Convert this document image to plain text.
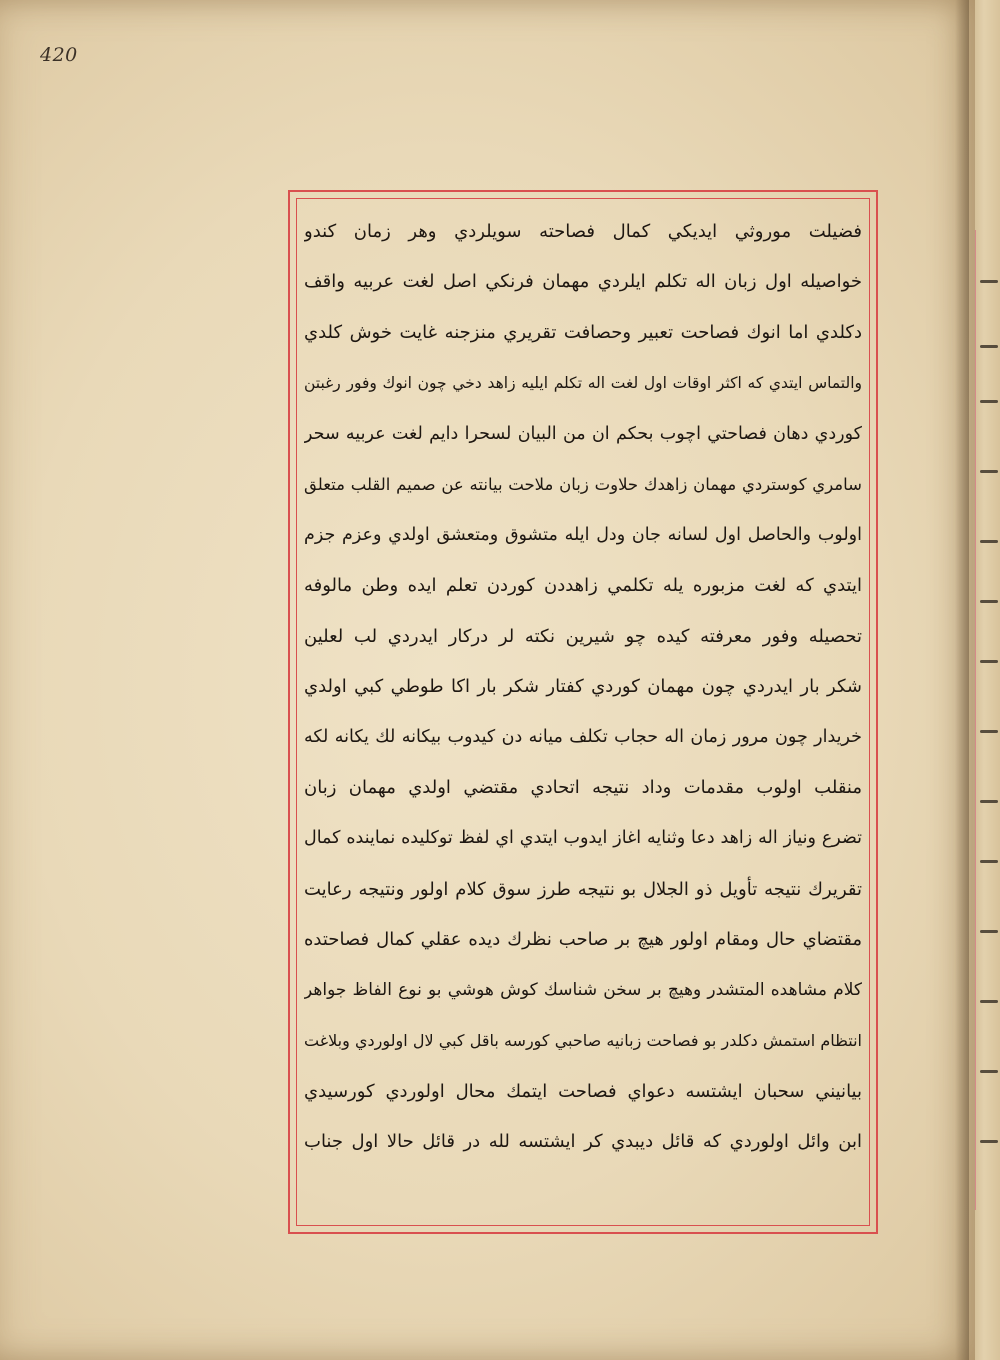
420
فضيلت موروثي ايديكي كمال فصاحته سويلردي وهر زمان كندو
خواصيله اول زبان اله تكلم ايلردي مهمان فرنكي اصل لغت عربيه واقف
دكلدي اما انوك فصاحت تعبير وحصافت تقريري منزجنه غايت خوش كلدي
والتماس ايتدي كه اكثر اوقات اول لغت اله تكلم ايليه زاهد دخي چون انوك وفور رغبتن
كوردي دهان فصاحتي اچوب بحكم ان من البيان لسحرا دايم لغت عربيه سحر
سامري كوستردي مهمان زاهدك حلاوت زبان ملاحت بيانته عن صميم القلب متعلق
اولوب والحاصل اول لسانه جان ودل ايله متشوق ومتعشق اولدي وعزم جزم
ايتدي كه لغت مزبوره يله تكلمي زاهددن كوردن تعلم ايده وطن مالوفه
تحصيله وفور معرفته كيده چو شيرين نكته لر دركار ايدردي لب لعلين
شكر بار ايدردي چون مهمان كوردي كفتار شكر بار اكا طوطي كبي اولدي
خريدار چون مرور زمان اله حجاب تكلف ميانه دن كيدوب بيكانه لك يكانه لكه
منقلب اولوب مقدمات وداد نتيجه اتحادي مقتضي اولدي مهمان زبان
تضرع ونياز اله زاهد دعا وثنايه اغاز ايدوب ايتدي اي لفظ توكليده نماينده كمال
تقريرك نتيجه تأويل ذو الجلال بو نتيجه طرز سوق كلام اولور ونتيجه رعايت
مقتضاي حال ومقام اولور هيچ بر صاحب نظرك ديده عقلي كمال فصاحتده
كلام مشاهده المتشدر وهيچ بر سخن شناسك كوش هوشي بو نوع الفاظ جواهر
انتظام استمش دكلدر بو فصاحت زبانيه صاحبي كورسه باقل كبي لال اولوردي وبلاغت
بيانيني سحبان ايشتسه دعواي فصاحت ايتمك محال اولوردي كورسيدي
ابن وائل اولوردي كه قائل ديبدي كر ايشتسه لله در قائل حالا اول جناب
